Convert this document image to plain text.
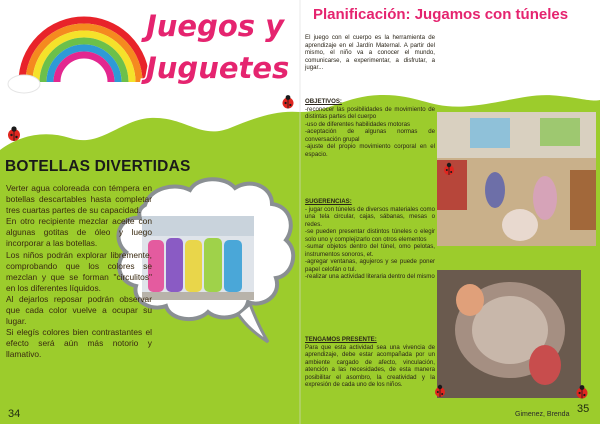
Juegos y
Juguetes
BOTELLAS DIVERTIDAS

Verter agua coloreada con témpera en botellas descartables hasta completar tres cuartas partes de su capacidad.

En otro recipiente mezclar aceite con algunas gotitas de óleo y luego incorporar a las botellas.

Los niños podrán explorar libremente, comprobando que los colores se mezclan y que se forman "circulitos" en los diferentes líquidos.

Al dejarlos reposar podrán observar que cada color vuelve a ocupar su lugar.

Si elegís colores bien contrastantes el efecto será aún más notorio y llamativo.

34
Planificación: Jugamos con túneles

El juego con el cuerpo es la herramienta de aprendizaje en el Jardín Maternal. A partir del mismo, el niño va a conocer el mundo, comunicarse, a experimentar, a disfrutar, a jugar...

OBJETIVOS:

-reconocer las posibilidades de movimiento de distintas partes del cuerpo

-uso de diferentes habilidades motoras

-aceptación de algunas normas de conversación grupal

-ajuste del propio movimiento corporal en el espacio.

SUGERENCIAS:

- jugar con túneles de diversos materiales como una tela circular, cajas, sábanas, mesas o redes.

-se pueden presentar distintos túneles o elegir solo uno y complejizarlo con otros elementos

-sumar objetos dentro del túnel, omo pelotas, instrumentos sonoros, et.

-agregar ventanas, agujeros y se puede poner papel celofán o tul.

-realizar una actividad literaria dentro del mismo

TENGAMOS PRESENTE:

Para que esta actividad sea una vivencia de aprendizaje, debe estar acompañada por un ambiente cargado de afecto, vinculación, atención a las necesidades, de esta manera posibilitar el asombro, la creatividad y la expresión de cada uno de los niños.

Gimenez, Brenda 35
